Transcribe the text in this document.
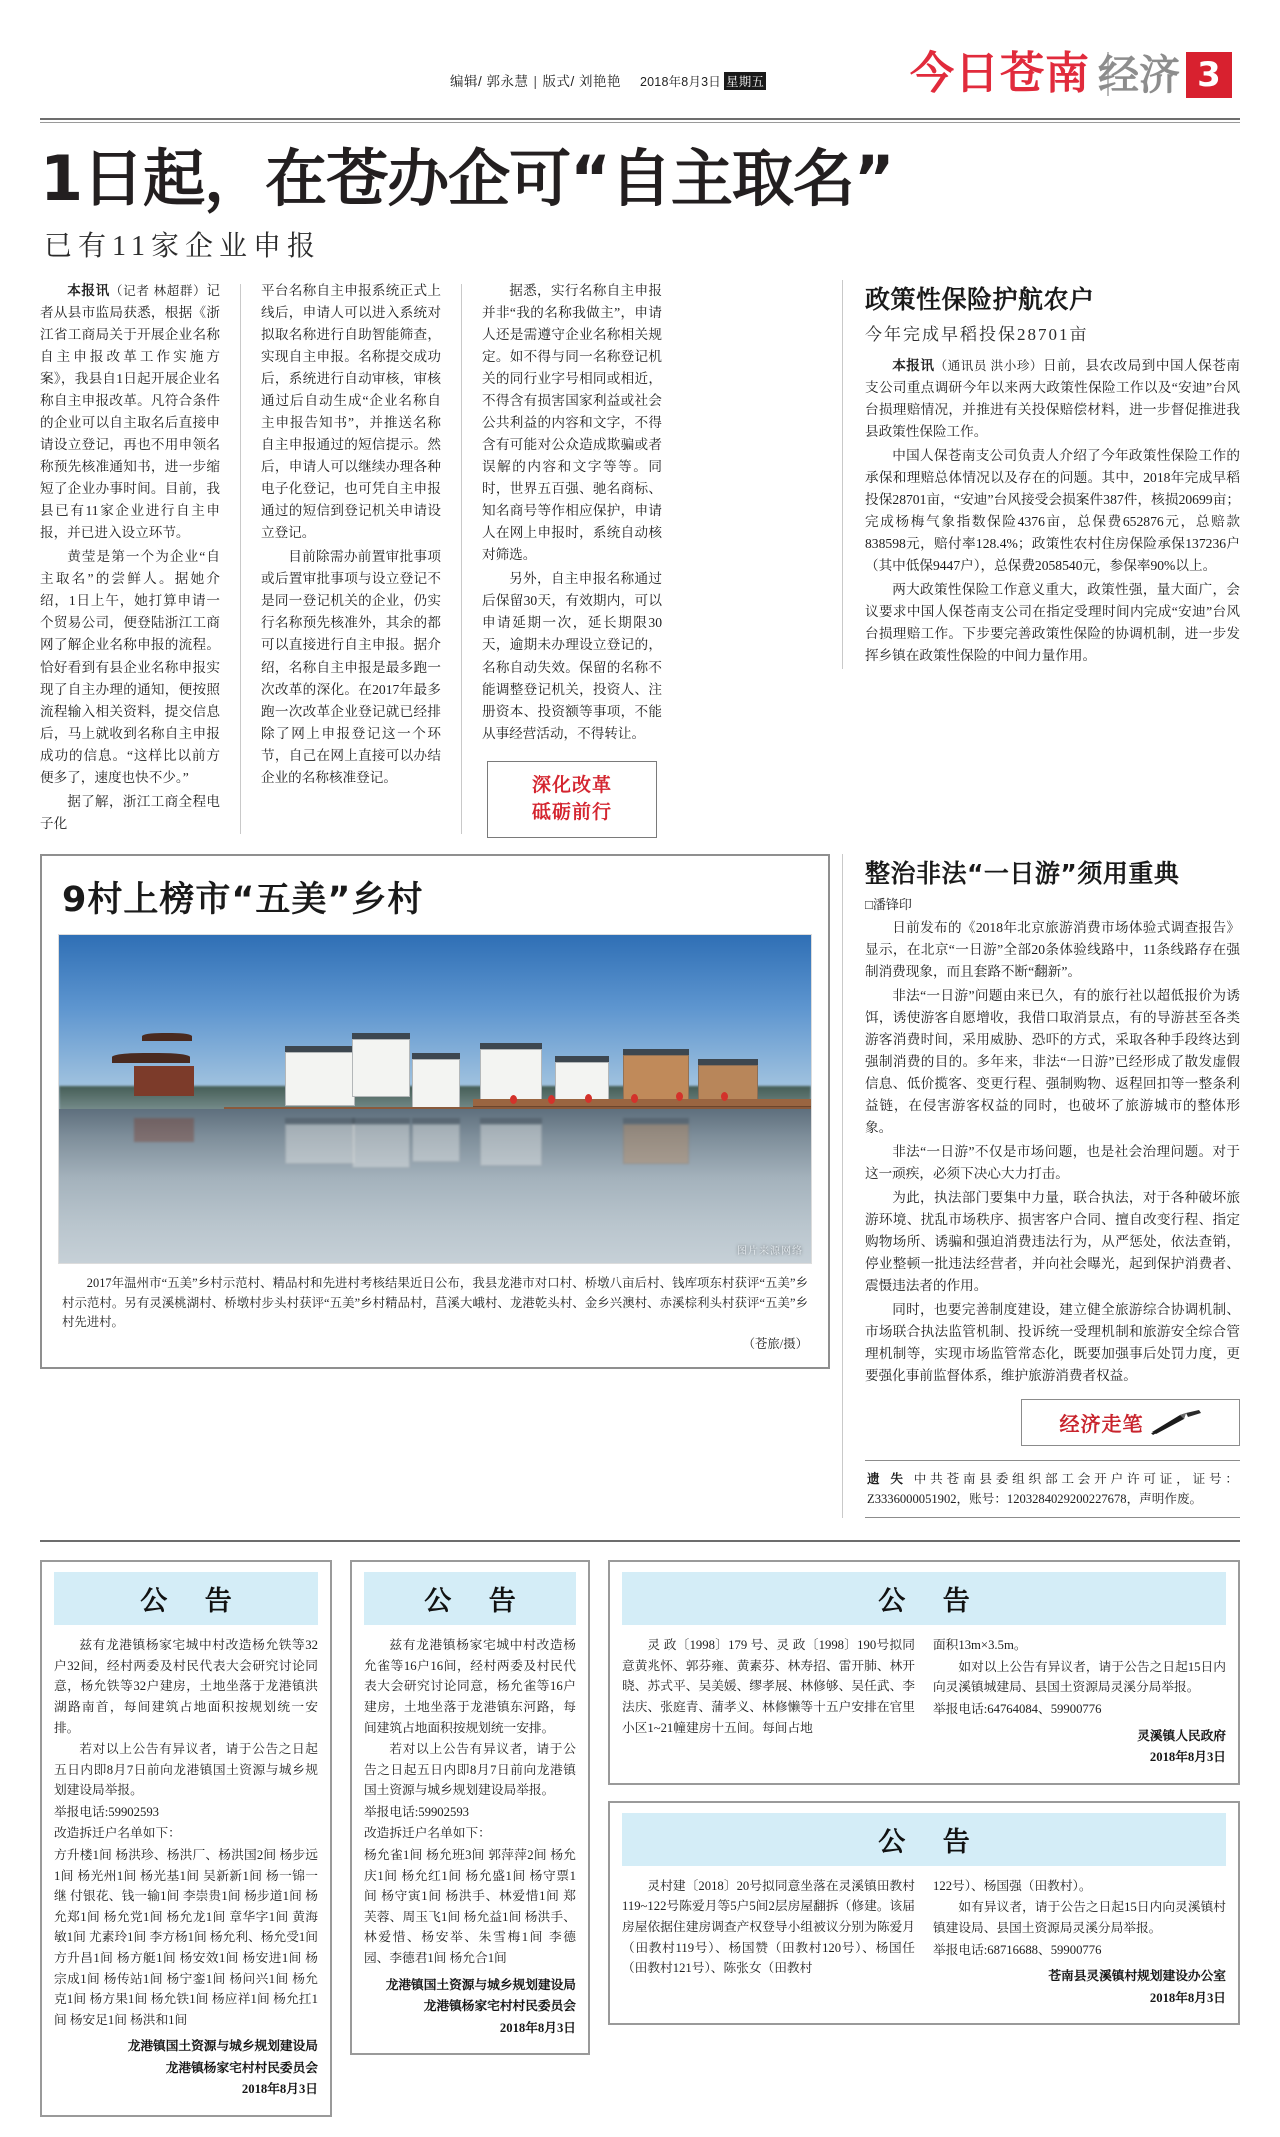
编辑/ 郭永慧 | 版式/ 刘艳艳 2018年8月3日 星期五	今日苍南 经济 3
1日起，在苍办企可“自主取名”
已有11家企业申报

本报讯（记者 林超群）记者从县市监局获悉，根据《浙江省工商局关于开展企业名称自主申报改革工作实施方案》，我县自1日起开展企业名称自主申报改革。凡符合条件的企业可以自主取名后直接申请设立登记，再也不用申领名称预先核准通知书，进一步缩短了企业办事时间。目前，我县已有11家企业进行自主申报，并已进入设立环节。

黄莹是第一个为企业“自主取名”的尝鲜人。据她介绍，1日上午，她打算申请一个贸易公司，便登陆浙江工商网了解企业名称申报的流程。恰好看到有县企业名称申报实现了自主办理的通知，便按照流程输入相关资料，提交信息后，马上就收到名称自主申报成功的信息。“这样比以前方便多了，速度也快不少。”

据了解，浙江工商全程电子化

平台名称自主申报系统正式上线后，申请人可以进入系统对拟取名称进行自助智能筛查，实现自主申报。名称提交成功后，系统进行自动审核，审核通过后自动生成“企业名称自主申报告知书”，并推送名称自主申报通过的短信提示。然后，申请人可以继续办理各种电子化登记，也可凭自主申报通过的短信到登记机关申请设立登记。

目前除需办前置审批事项或后置审批事项与设立登记不是同一登记机关的企业，仍实行名称预先核准外，其余的都可以直接进行自主申报。据介绍，名称自主申报是最多跑一次改革的深化。在2017年最多跑一次改革企业登记就已经排除了网上申报登记这一个环节，自己在网上直接可以办结企业的名称核准登记。

据悉，实行名称自主申报并非“我的名称我做主”，申请人还是需遵守企业名称相关规定。如不得与同一名称登记机关的同行业字号相同或相近，不得含有损害国家利益或社会公共利益的内容和文字，不得含有可能对公众造成欺骗或者误解的内容和文字等等。同时，世界五百强、驰名商标、知名商号等作相应保护，申请人在网上申报时，系统自动核对筛选。

另外，自主申报名称通过后保留30天，有效期内，可以申请延期一次，延长期限30天，逾期未办理设立登记的，名称自动失效。保留的名称不能调整登记机关，投资人、注册资本、投资额等事项，不能从事经营活动，不得转让。

深化改革
砥砺前行
政策性保险护航农户
今年完成早稻投保28701亩

本报讯（通讯员 洪小珍）日前，县农改局到中国人保苍南支公司重点调研今年以来两大政策性保险工作以及“安迪”台风台损理赔情况，并推进有关投保赔偿材料，进一步督促推进我县政策性保险工作。

中国人保苍南支公司负责人介绍了今年政策性保险工作的承保和理赔总体情况以及存在的问题。其中，2018年完成早稻投保28701亩，“安迪”台风接受会损案件387件，核损20699亩；完成杨梅气象指数保险4376亩，总保费652876元，总赔款838598元，赔付率128.4%；政策性农村住房保险承保137236户（其中低保9447户），总保费2058540元，参保率90%以上。

两大政策性保险工作意义重大，政策性强，量大面广，会议要求中国人保苍南支公司在指定受理时间内完成“安迪”台风台损理赔工作。下步要完善政策性保险的协调机制，进一步发挥乡镇在政策性保险的中间力量作用。

9村上榜市“五美”乡村
图片来源网络
2017年温州市“五美”乡村示范村、精品村和先进村考核结果近日公布，我县龙港市对口村、桥墩八亩后村、钱库项东村获评“五美”乡村示范村。另有灵溪桃湖村、桥墩村步头村获评“五美”乡村精品村，莒溪大峨村、龙港乾头村、金乡兴澳村、赤溪棕利头村获评“五美”乡村先进村。
（苍旅/摄）
整治非法“一日游”须用重典
□潘锋印

日前发布的《2018年北京旅游消费市场体验式调查报告》显示，在北京“一日游”全部20条体验线路中，11条线路存在强制消费现象，而且套路不断“翻新”。

非法“一日游”问题由来已久，有的旅行社以超低报价为诱饵，诱使游客自愿增收，我借口取消景点，有的导游甚至各类游客消费时间，采用威胁、恐吓的方式，采取各种手段终达到强制消费的目的。多年来，非法“一日游”已经形成了散发虚假信息、低价揽客、变更行程、强制购物、返程回扣等一整条利益链，在侵害游客权益的同时，也破坏了旅游城市的整体形象。

非法“一日游”不仅是市场问题，也是社会治理问题。对于这一顽疾，必须下决心大力打击。

为此，执法部门要集中力量，联合执法，对于各种破坏旅游环境、扰乱市场秩序、损害客户合同、擅自改变行程、指定购物场所、诱骗和强迫消费违法行为，从严惩处，依法查销，停业整顿一批违法经营者，并向社会曝光，起到保护消费者、震慑违法者的作用。

同时，也要完善制度建设，建立健全旅游综合协调机制、市场联合执法监管机制、投诉统一受理机制和旅游安全综合管理机制等，实现市场监管常态化，既要加强事后处罚力度，更要强化事前监督体系，维护旅游消费者权益。

经济走笔
遗 失 中共苍南县委组织部工会开户许可证，证号：Z3336000051902，账号：1203284029200227678，声明作废。
公 告

兹有龙港镇杨家宅城中村改造杨允铁等32户32间，经村两委及村民代表大会研究讨论同意，杨允铁等32户建房，土地坐落于龙港镇洪湖路南首，每间建筑占地面积按规划统一安排。

若对以上公告有异议者，请于公告之日起五日内即8月7日前向龙港镇国土资源与城乡规划建设局举报。

举报电话:59902593

改造拆迁户名单如下：

方升楼1间 杨洪珍、杨洪厂、杨洪国2间 杨步远1间 杨光州1间 杨光基1间 吴新新1间 杨一锦一继 付银花、钱一输1间 李崇贵1间 杨步道1间 杨允郑1间 杨允党1间 杨允龙1间 章华字1间 黄海敏1间 尤素玲1间 李方杨1间 杨允利、杨允受1间 方升昌1间 杨方艇1间 杨安效1间 杨安进1间 杨宗成1间 杨传站1间 杨宁銮1间 杨问兴1间 杨允克1间 杨方果1间 杨允铁1间 杨应祥1间 杨允扛1间 杨安足1间 杨洪和1间

龙港镇国土资源与城乡规划建设局
龙港镇杨家宅村村民委员会
2018年8月3日
公 告

兹有龙港镇杨家宅城中村改造杨允雀等16户16间，经村两委及村民代表大会研究讨论同意，杨允雀等16户建房，土地坐落于龙港镇东河路，每间建筑占地面积按规划统一安排。

若对以上公告有异议者，请于公告之日起五日内即8月7日前向龙港镇国土资源与城乡规划建设局举报。

举报电话:59902593

改造拆迁户名单如下：

杨允雀1间 杨允班3间 郭萍萍2间 杨允庆1间 杨允红1间 杨允盛1间 杨守票1间 杨守寅1间 杨洪手、林爱惜1间 郑芙蓉、周玉飞1间 杨允益1间 杨洪手、林爱惜、杨安举、朱雪梅1间 李德园、李德君1间 杨允合1间

龙港镇国土资源与城乡规划建设局
龙港镇杨家宅村村民委员会
2018年8月3日
公 告

灵 政〔1998〕179 号、灵 政〔1998〕190号拟同意黄兆怀、郭芬雍、黄素芬、林寿招、雷开肺、林开晓、苏式平、吴美媛、缪孝展、林修够、吴任武、李法庆、张庭青、蒲孝义、林修懒等十五户安排在官里小区1~21幢建房十五间。每间占地

面积13m×3.5m。

如对以上公告有异议者，请于公告之日起15日内向灵溪镇城建局、县国土资源局灵溪分局举报。

举报电话:64764084、59900776

灵溪镇人民政府
2018年8月3日
公 告

灵村建〔2018〕20号拟同意坐落在灵溪镇田教村119~122号陈爱月等5户5间2层房屋翻拆（修建。该届房屋依据住建房调查产权登导小组被议分别为陈爱月（田教村119号）、杨国赞（田教村120号）、杨国任（田教村121号）、陈张女（田教村

122号）、杨国强（田教村）。

如有异议者，请于公告之日起15日内向灵溪镇村镇建设局、县国土资源局灵溪分局举报。

举报电话:68716688、59900776

苍南县灵溪镇村规划建设办公室
2018年8月3日
